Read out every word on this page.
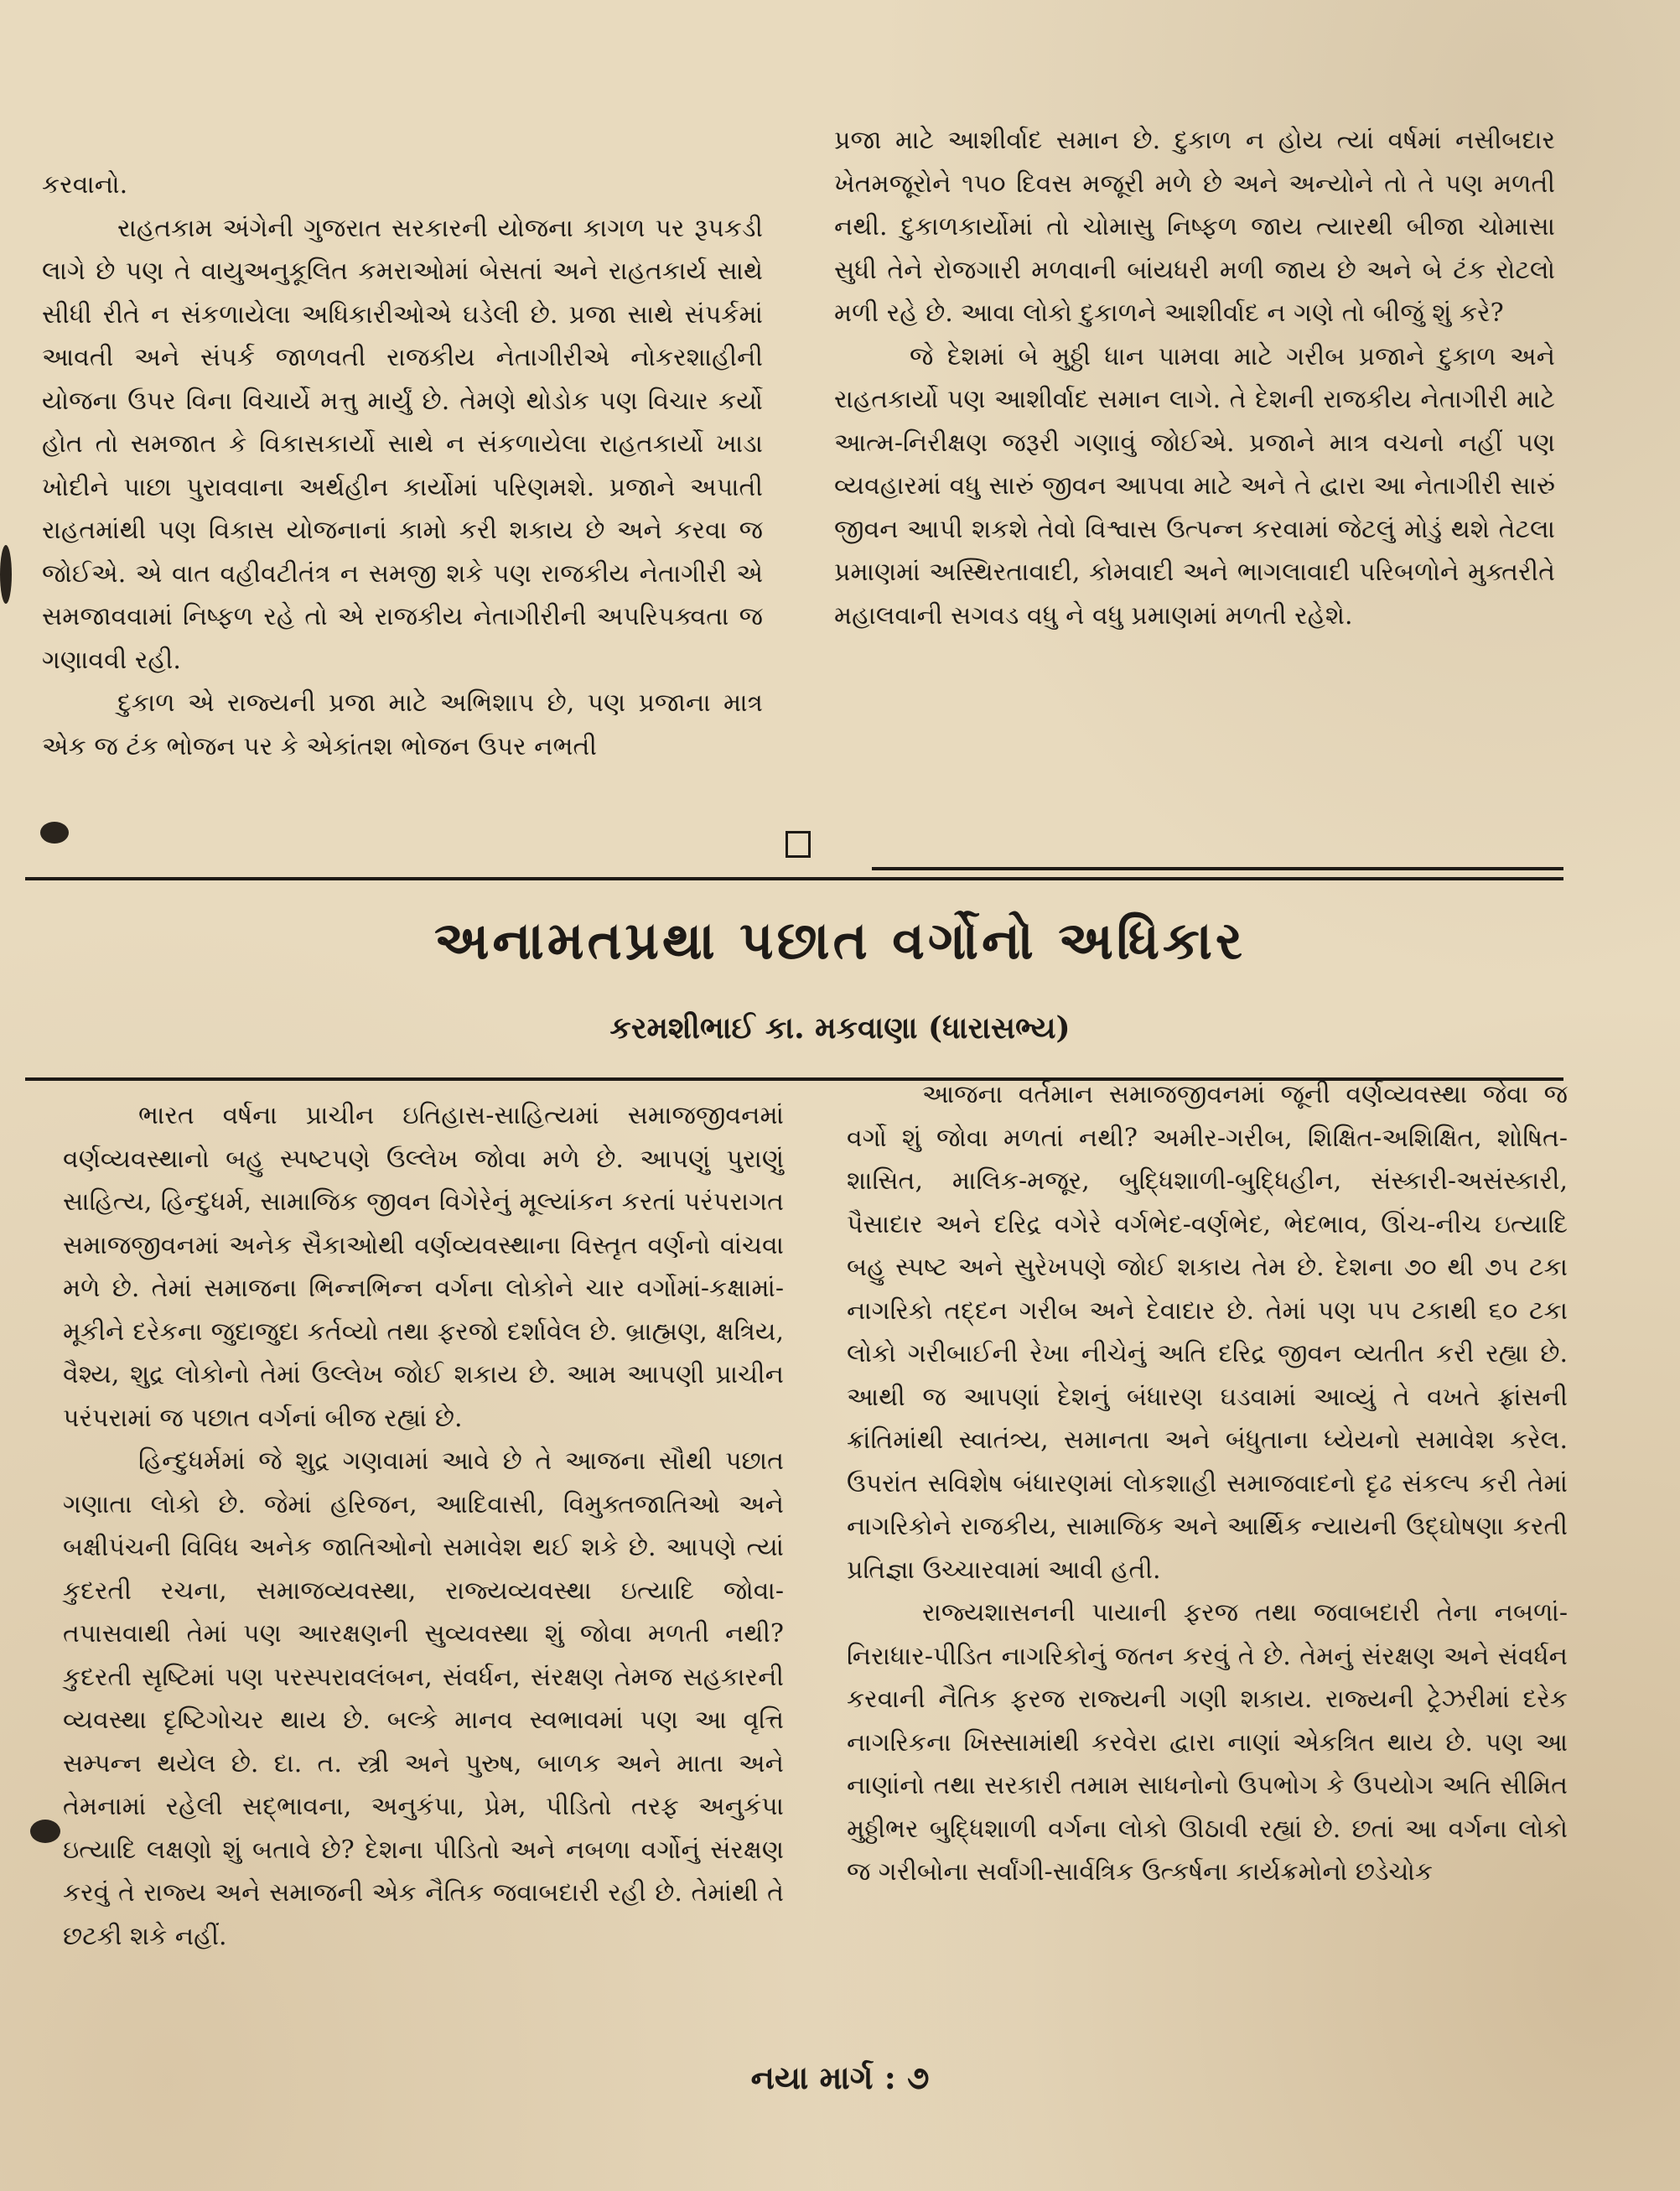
કરવાનો.

રાહતકામ અંગેની ગુજરાત સરકારની યોજના કાગળ પર રૂપકડી લાગે છે પણ તે વાયુઅનુકૂલિત કમરાઓમાં બેસતાં અને રાહતકાર્ય સાથે સીધી રીતે ન સંકળાયેલા અધિકારીઓએ ઘડેલી છે. પ્રજા સાથે સંપર્કમાં આવતી અને સંપર્ક જાળવતી રાજકીય નેતાગીરીએ નોકરશાહીની યોજના ઉપર વિના વિચાર્યે મત્તુ માર્યું છે. તેમણે થોડોક પણ વિચાર કર્યો હોત તો સમજાત કે વિકાસકાર્યો સાથે ન સંકળાયેલા રાહતકાર્યો ખાડા ખોદીને પાછા પુરાવવાના અર્થહીન કાર્યોમાં પરિણમશે. પ્રજાને અપાતી રાહતમાંથી પણ વિકાસ યોજનાનાં કામો કરી શકાય છે અને કરવા જ જોઈએ. એ વાત વહીવટીતંત્ર ન સમજી શકે પણ રાજકીય નેતાગીરી એ સમજાવવામાં નિષ્ફળ રહે તો એ રાજકીય નેતાગીરીની અપરિપક્વતા જ ગણાવવી રહી.

દુકાળ એ રાજ્યની પ્રજા માટે અભિશાપ છે, પણ પ્રજાના માત્ર એક જ ટંક ભોજન પર કે એકાંતશ ભોજન ઉપર નભતી

પ્રજા માટે આશીર્વાદ સમાન છે. દુકાળ ન હોય ત્યાં વર્ષમાં નસીબદાર ખેતમજૂરોને ૧૫૦ દિવસ મજૂરી મળે છે અને અન્યોને તો તે પણ મળતી નથી. દુકાળકાર્યોમાં તો ચોમાસુ નિષ્ફળ જાય ત્યારથી બીજા ચોમાસા સુધી તેને રોજગારી મળવાની બાંયધરી મળી જાય છે અને બે ટંક રોટલો મળી રહે છે. આવા લોકો દુકાળને આશીર્વાદ ન ગણે તો બીજું શું કરે?

જે દેશમાં બે મુઠ્ઠી ધાન પામવા માટે ગરીબ પ્રજાને દુકાળ અને રાહતકાર્યો પણ આશીર્વાદ સમાન લાગે. તે દેશની રાજકીય નેતાગીરી માટે આત્મ-નિરીક્ષણ જરૂરી ગણાવું જોઈએ. પ્રજાને માત્ર વચનો નહીં પણ વ્યવહારમાં વધુ સારું જીવન આપવા માટે અને તે દ્વારા આ નેતાગીરી સારું જીવન આપી શકશે તેવો વિશ્વાસ ઉત્પન્ન કરવામાં જેટલું મોડું થશે તેટલા પ્રમાણમાં અસ્થિરતાવાદી, કોમવાદી અને ભાગલાવાદી પરિબળોને મુક્તરીતે મહાલવાની સગવડ વધુ ને વધુ પ્રમાણમાં મળતી રહેશે.

અનામતપ્રથા પછાત વર્ગોનો અધિકાર
કરમશીભાઈ કા. મકવાણા (ધારાસભ્ય)

ભારત વર્ષના પ્રાચીન ઇતિહાસ-સાહિત્યમાં સમાજજીવનમાં વર્ણવ્યવસ્થાનો બહુ સ્પષ્ટપણે ઉલ્લેખ જોવા મળે છે. આપણું પુરાણું સાહિત્ય, હિન્દુધર્મ, સામાજિક જીવન વિગેરેનું મૂલ્યાંકન કરતાં પરંપરાગત સમાજજીવનમાં અનેક સૈકાઓથી વર્ણવ્યવસ્થાના વિસ્તૃત વર્ણનો વાંચવા મળે છે. તેમાં સમાજના ભિન્નભિન્ન વર્ગના લોકોને ચાર વર્ગોમાં-કક્ષામાં-મૂકીને દરેકના જુદાજુદા કર્તવ્યો તથા ફરજો દર્શાવેલ છે. બ્રાહ્મણ, ક્ષત્રિય, વૈશ્ય, શુદ્ર લોકોનો તેમાં ઉલ્લેખ જોઈ શકાય છે. આમ આપણી પ્રાચીન પરંપરામાં જ પછાત વર્ગનાં બીજ રહ્યાં છે.

હિન્દુધર્મમાં જે શુદ્ર ગણવામાં આવે છે તે આજના સૌથી પછાત ગણાતા લોકો છે. જેમાં હરિજન, આદિવાસી, વિમુક્તજાતિઓ અને બક્ષીપંચની વિવિધ અનેક જાતિઓનો સમાવેશ થઈ શકે છે. આપણે ત્યાં કુદરતી રચના, સમાજવ્યવસ્થા, રાજ્યવ્યવસ્થા ઇત્યાદિ જોવા-તપાસવાથી તેમાં પણ આરક્ષણની સુવ્યવસ્થા શું જોવા મળતી નથી? કુદરતી સૃષ્ટિમાં પણ પરસ્પરાવલંબન, સંવર્ધન, સંરક્ષણ તેમજ સહકારની વ્યવસ્થા દૃષ્ટિગોચર થાય છે. બલ્કે માનવ સ્વભાવમાં પણ આ વૃત્તિ સમ્પન્ન થયેલ છે. દા. ત. સ્ત્રી અને પુરુષ, બાળક અને માતા અને તેમનામાં રહેલી સદ્‌ભાવના, અનુકંપા, પ્રેમ, પીડિતો તરફ અનુકંપા ઇત્યાદિ લક્ષણો શું બતાવે છે? દેશના પીડિતો અને નબળા વર્ગોનું સંરક્ષણ કરવું તે રાજ્ય અને સમાજની એક નૈતિક જવાબદારી રહી છે. તેમાંથી તે છટકી શકે નહીં.

આજના વર્તમાન સમાજજીવનમાં જૂની વર્ણવ્યવસ્થા જેવા જ વર્ગો શું જોવા મળતાં નથી? અમીર-ગરીબ, શિક્ષિત-અશિક્ષિત, શોષિત-શાસિત, માલિક-મજૂર, બુદ્ધિશાળી-બુદ્ધિહીન, સંસ્કારી-અસંસ્કારી, પૈસાદાર અને દરિદ્ર વગેરે વર્ગભેદ-વર્ણભેદ, ભેદભાવ, ઊંચ-નીચ ઇત્યાદિ બહુ સ્પષ્ટ અને સુરેખપણે જોઈ શકાય તેમ છે. દેશના ૭૦ થી ૭૫ ટકા નાગરિકો તદ્દન ગરીબ અને દેવાદાર છે. તેમાં પણ ૫૫ ટકાથી ૬૦ ટકા લોકો ગરીબાઈની રેખા નીચેનું અતિ દરિદ્ર જીવન વ્યતીત કરી રહ્યા છે. આથી જ આપણાં દેશનું બંધારણ ઘડવામાં આવ્યું તે વખતે ફ્રાંસની ક્રાંતિમાંથી સ્વાતંત્ર્ય, સમાનતા અને બંધુતાના ધ્યેયનો સમાવેશ કરેલ. ઉપરાંત સવિશેષ બંધારણમાં લોકશાહી સમાજવાદનો દૃઢ સંકલ્પ કરી તેમાં નાગરિકોને રાજકીય, સામાજિક અને આર્થિક ન્યાયની ઉદ્‌ઘોષણા કરતી પ્રતિજ્ઞા ઉચ્ચારવામાં આવી હતી.

રાજ્યશાસનની પાયાની ફરજ તથા જવાબદારી તેના નબળાં-નિરાધાર-પીડિત નાગરિકોનું જતન કરવું તે છે. તેમનું સંરક્ષણ અને સંવર્ધન કરવાની નૈતિક ફરજ રાજ્યની ગણી શકાય. રાજ્યની ટ્રેઝરીમાં દરેક નાગરિકના ખિસ્સામાંથી કરવેરા દ્વારા નાણાં એકત્રિત થાય છે. પણ આ નાણાંનો તથા સરકારી તમામ સાધનોનો ઉપભોગ કે ઉપયોગ અતિ સીમિત મુઠ્ઠીભર બુદ્ધિશાળી વર્ગના લોકો ઊઠાવી રહ્યાં છે. છતાં આ વર્ગના લોકો જ ગરીબોના સર્વાંગી-સાર્વત્રિક ઉત્કર્ષના કાર્યક્રમોનો છડેચોક

નયા માર્ગ : ૭
